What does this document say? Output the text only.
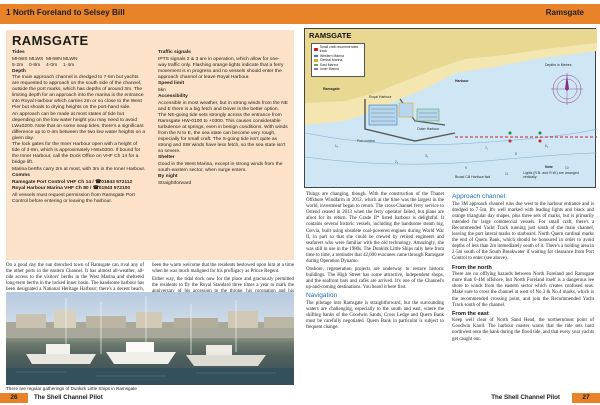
1 North Foreland to Selsey Bill
RAMSGATE

Tides

MHWS MLWS MHWN MLWN
5·2m	0·8m	4·0m	1·4m

Depth

The main approach channel is dredged to 7·5m but yachts are requested to approach on the south side of the channel, outside the port marks, which has depths of around 3m. The limiting depth for an approach into the marina is the entrance into Royal Harbour which carries 2m or so close to the West Pier but shoals to drying heights on the port-hand side.

An approach can be made at most states of tide but depending on the low water height you may need to avoid LW±0200. Note that on some neap tides, there's a significant difference up to 0·4m between the two low water heights on a given day.

The lock gates for the Inner Harbour open with a height of tide of 3·8m, which is approximately HW±0200. If bound for the Inner Harbour, call the Dock Office on VHF Ch 14 for a bridge lift.

Marina berths carry 2m at most, with 3m in the Inner Harbour.

Comms

Ramsgate Port Control VHF Ch 14 / ☎01843 572112

Royal Harbour Marina VHF Ch 80 / ☎01843 572100

All vessels must request permission from Ramsgate Port Control before entering or leaving the harbour.

Traffic signals

IPTS signals 2 & 3 are in operation, which allow for one-way traffic only. Flashing orange lights indicate that a ferry movement is in progress and no vessels should enter the approach channel or leave Royal Harbour.

Speed limit

5kn

Accessibility

Accessible in most weather, but in strong winds from the NE and E there is a big fetch and Dover is the better option. The NE-going tide sets strongly across the entrance from Ramsgate HW-0100 to +0300. This causes considerable turbulence at springs, even in benign conditions. With winds from the N to E, the sea state can become very rough, especially for small craft. The S-going tide isn't quite as strong and SW winds have less fetch, so the sea state isn't so severe.

Shelter

Good in the West Marina, except in strong winds from the south-eastern sector, when surge enters.

By night

Straightforward

On a good day the sun drenched town of Ramsgate can rival any of the other ports in the eastern Channel. It has almost all-weather, all-tide access to the visitors' berths in the West Marina and sheltered long-term berths in the locked Inner basin. The handsome harbour has been designated a National Heritage Harbour; there's a decent beach,

been the warm welcome that the residents bestowed upon him at a time when he was much maligned for his profligacy as Prince Regent.

Either way, the tidal dock now for the place and graciously permitted the residents to fly the Royal Standard three times a year to mark the

There are regular gatherings of Dunkirk Little Ships in Ramsgate
26	The Shell Channel Pilot
Ramsgate
7₅
8
6₈
9
11
10
3₂
2₈
1₉
RAMSGATE
Small craft recommended track
Western Marina
Central Marina
East Marina
Inner Marina
Depths in Metres
Harbour
Ramsgate
Outer Harbour
Royal Harbour
Broad Cill Harbour fwd
Note
Lights (R.B. and R.W.) are arranged vertically
Port control

Things are changing, though. With the construction of the Thanet Offshore Windfarm in 2012, which at the time was the largest in the world, investment began to return. The cross-Channel ferry service to Ostend ceased in 2013 when the ferry operator failed, but plans are afoot for its return. The Grade II* listed harbour is delightful. It contains several historic vessels, including the handsome steam tug, Cervia, built using obsolete coal-powered engines during World War II, in part so that she could be crewed by retired engineers and seafarers who were familiar with the old technology. Amazingly, she was still in use in the 1980s. The Dunkirk Little Ships rally here from time to time, a reminder that 42,000 evacuees came through Ramsgate during Operation Dynamo.

Onshore, regeneration projects are underway to restore historic buildings. The High Street has some attractive, independent shops, and the seafront bars and cafés are arrived. It's one of the Channel's up-and-coming destinations. You heard it here first.

Navigation

The pilotage into Ramsgate is straightforward, but the surrounding waters are challenging, especially to the south and east, where the shifting banks of the Goodwin Sands, Cross Ledge and Quern Bank must be carefully negotiated. Quern Bank in particular is subject to frequent change.

Approach channel

The 3M approach channel runs due west to the harbour entrance and is dredged to 7·5m. It's well marked with leading lights and black and orange triangular day shapes, plus three sets of marks, but is primarily intended for large commercial vessels. For small craft, there's a Recommended Yacht Track running just south of the main channel, leaving the port lateral marks to starboard. North Quern cardinal marks the end of Quern Bank, which should be honoured in order to avoid depths of less than 2m immediately south of it. There's a holding area in 2·5m south of the South Breakwater if waiting for clearance from Port Control to enter (see above).

From the north

There are no offlying hazards between North Foreland and Ramsgate more than 0·4M offshore, but North Foreland itself is a dangerous lee shore to winds from the eastern sector which creates confused seas. Make sure to cross the channel at west of No.3 & No.4 marks, which is the recommended crossing point, and join the Recommended Yacht Track south of the channel.

From the east

Keep well clear of North Sand Head, the northernmost point of Goodwin Knoll. The harbour master warns that the tide sets hard northwest onto the bank during the flood tide, and that every year yachts get caught out.

The Shell Channel Pilot	27
